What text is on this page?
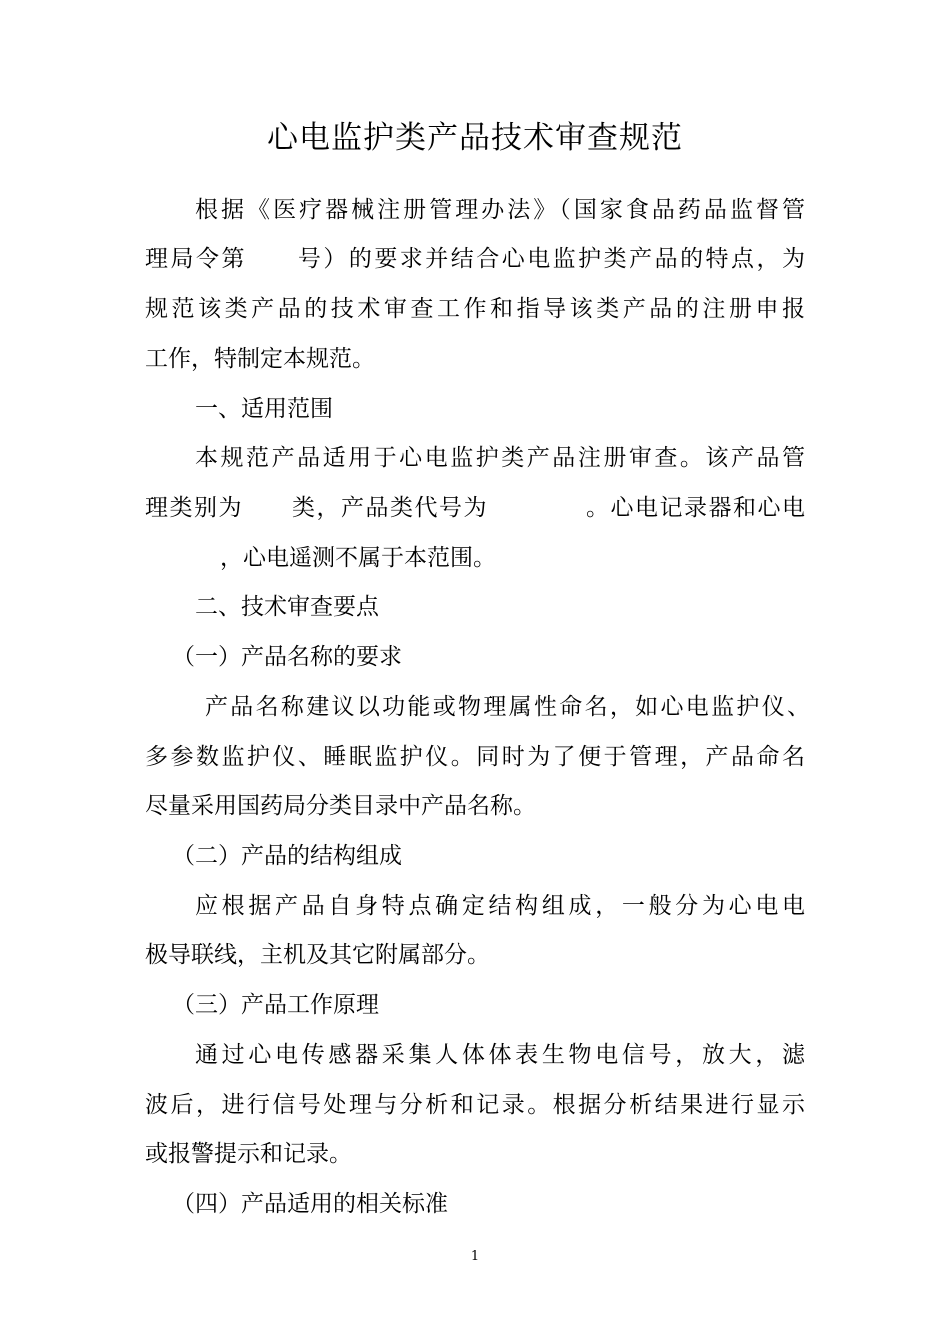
心电监护类产品技术审查规范
根据《医疗器械注册管理办法》（国家食品药品监督管
理局令第　　号）的要求并结合心电监护类产品的特点，为
规范该类产品的技术审查工作和指导该类产品的注册申报
工作，特制定本规范。
一、适用范围
本规范产品适用于心电监护类产品注册审查。该产品管
理类别为　　类，产品类代号为　　　　。心电记录器和心电
，心电遥测不属于本范围。
二、技术审查要点
（一）产品名称的要求
产品名称建议以功能或物理属性命名，如心电监护仪、
多参数监护仪、睡眠监护仪。同时为了便于管理，产品命名
尽量采用国药局分类目录中产品名称。
（二）产品的结构组成
应根据产品自身特点确定结构组成，一般分为心电电
极导联线，主机及其它附属部分。
（三）产品工作原理
通过心电传感器采集人体体表生物电信号，放大，滤
波后，进行信号处理与分析和记录。根据分析结果进行显示
或报警提示和记录。
（四）产品适用的相关标准
1
